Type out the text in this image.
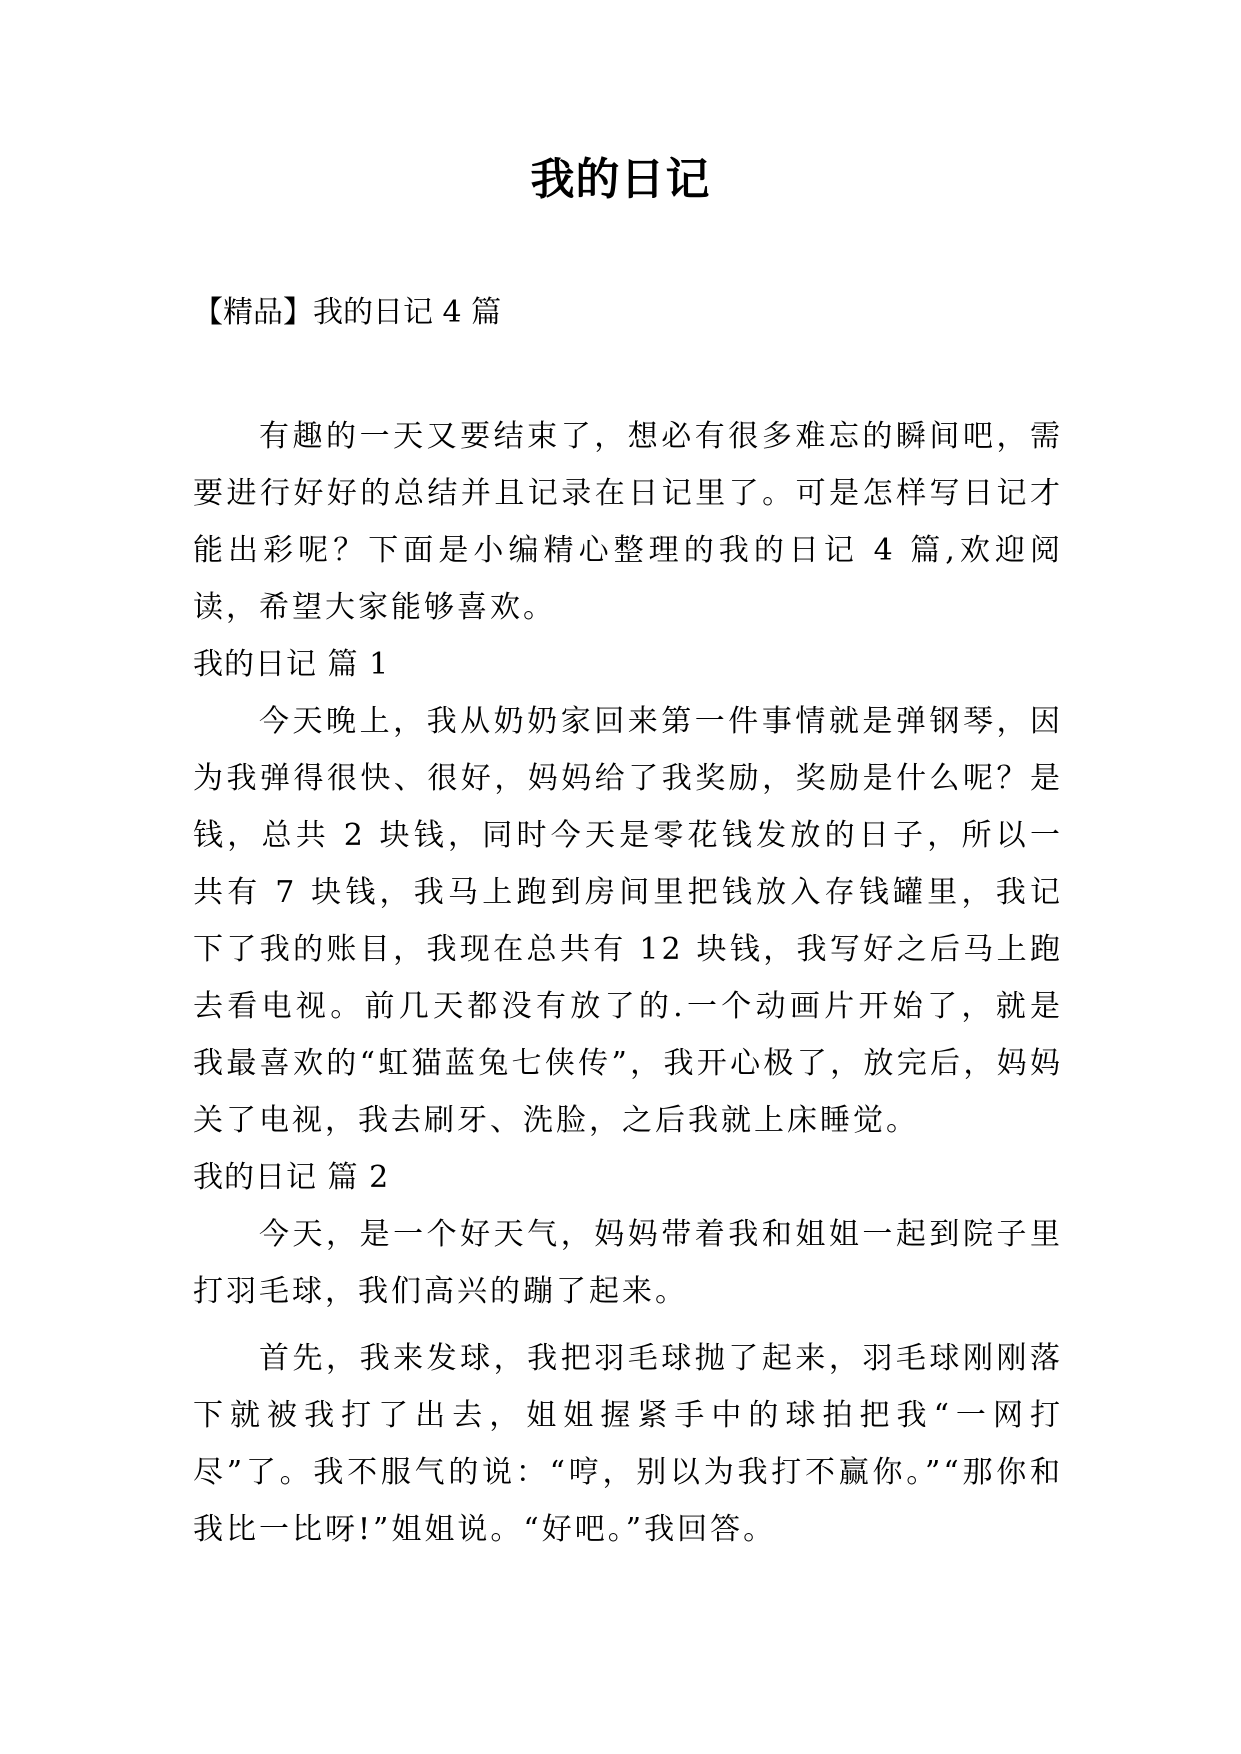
我的日记
【精品】我的日记 4 篇

有趣的一天又要结束了，想必有很多难忘的瞬间吧，需要进行好好的总结并且记录在日记里了。可是怎样写日记才能出彩呢？下面是小编精心整理的我的日记 4 篇,欢迎阅读，希望大家能够喜欢。

我的日记 篇 1

今天晚上，我从奶奶家回来第一件事情就是弹钢琴，因为我弹得很快、很好，妈妈给了我奖励，奖励是什么呢？是钱，总共 2 块钱，同时今天是零花钱发放的日子，所以一共有 7 块钱，我马上跑到房间里把钱放入存钱罐里，我记下了我的账目，我现在总共有 12 块钱，我写好之后马上跑去看电视。前几天都没有放了的.一个动画片开始了，就是我最喜欢的“虹猫蓝兔七侠传”，我开心极了，放完后，妈妈关了电视，我去刷牙、洗脸，之后我就上床睡觉。

我的日记 篇 2

今天，是一个好天气，妈妈带着我和姐姐一起到院子里打羽毛球，我们高兴的蹦了起来。

首先，我来发球，我把羽毛球抛了起来，羽毛球刚刚落下就被我打了出去，姐姐握紧手中的球拍把我“一网打尽”了。我不服气的说：“哼，别以为我打不赢你。”“那你和我比一比呀!”姐姐说。“好吧。”我回答。
